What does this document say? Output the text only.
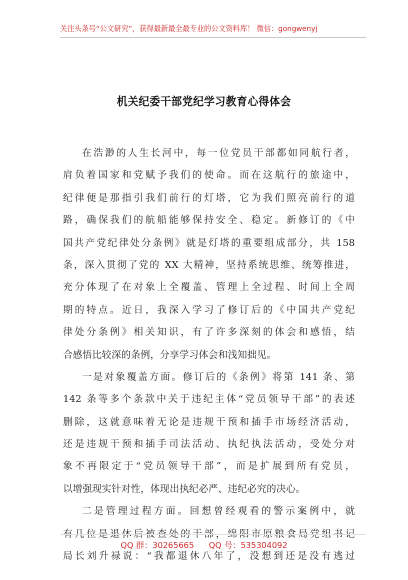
关注头条号“公文研究”，获得最新最全最专业的公文资料库！ 微信：gongwenyj
机关纪委干部党纪学习教育心得体会
在浩渺的人生长河中，每一位党员干部都如同航行者，
肩负着国家和党赋予我们的使命。而在这航行的旅途中，
纪律便是那指引我们前行的灯塔，它为我们照亮前行的道
路，确保我们的航船能够保持安全、稳定。新修订的《中
国共产党纪律处分条例》就是灯塔的重要组成部分，共 158
条，深入贯彻了党的 XX 大精神，坚持系统思维、统筹推进，
充分体现了在对象上全覆盖、管理上全过程、时间上全周
期的特点。近日，我深入学习了修订后的《中国共产党纪
律处分条例》相关知识，有了许多深刻的体会和感悟，结
合感悟比较深的条例，分享学习体会和浅知拙见。
一是对象覆盖方面。修订后的《条例》将第 141 条、第
142 条等多个条款中关于违纪主体“党员领导干部”的表述
删除，这就意味着无论是违规干预和插手市场经济活动，
还是违规干预和插手司法活动、执纪执法活动，受处分对
象不再限定于“党员领导干部”，而是扩展到所有党员，
以增强现实针对性，体现出执纪必严、违纪必究的决心。
二是管理过程方面。回想曾经观看的警示案例中，就
有几位是退休后被查处的干部，绵阳市原粮食局党组书记
局长刘升禄说：“我都退休八年了，没想到还是没有逃过
QQ 群：30265665 QQ 号：535304092
